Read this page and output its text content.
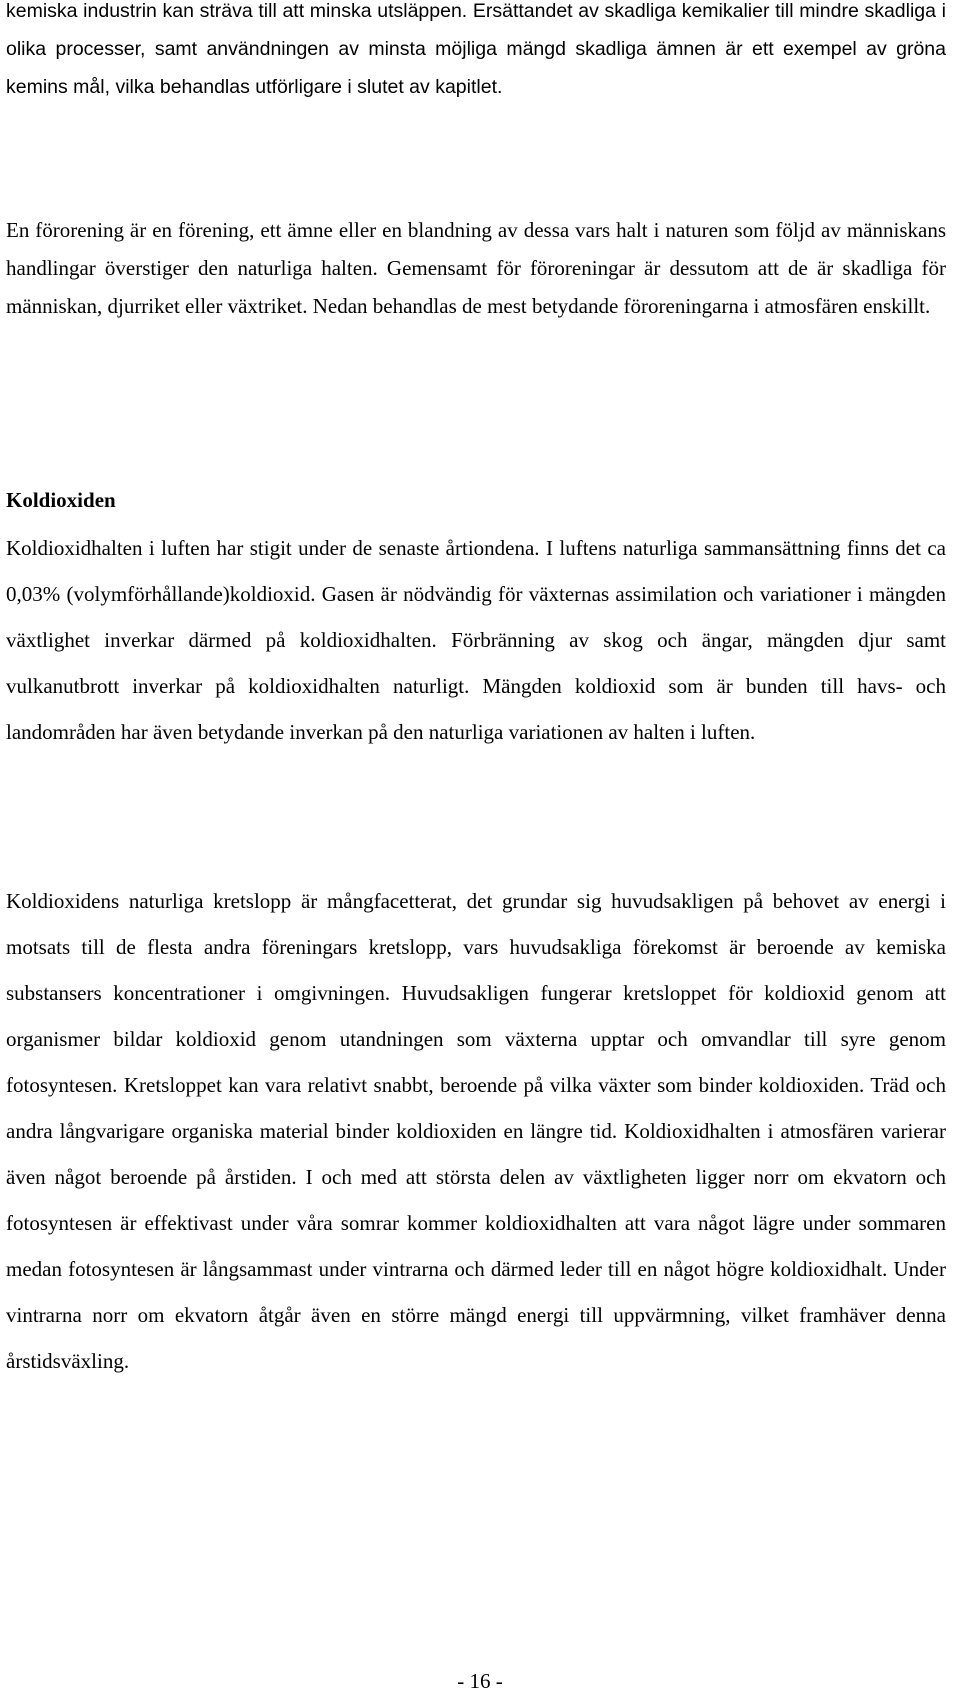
kemiska industrin kan sträva till att minska utsläppen. Ersättandet av skadliga kemikalier till mindre skadliga i olika processer, samt användningen av minsta möjliga mängd skadliga ämnen är ett exempel av gröna kemins mål, vilka behandlas utförligare i slutet av kapitlet.

En förorening är en förening, ett ämne eller en blandning av dessa vars halt i naturen som följd av människans handlingar överstiger den naturliga halten. Gemensamt för föroreningar är dessutom att de är skadliga för människan, djurriket eller växtriket. Nedan behandlas de mest betydande föroreningarna i atmosfären enskillt.

Koldioxiden

Koldioxidhalten i luften har stigit under de senaste årtiondena. I luftens naturliga sammansättning finns det ca 0,03% (volymförhållande)koldioxid. Gasen är nödvändig för växternas assimilation och variationer i mängden växtlighet inverkar därmed på koldioxidhalten. Förbränning av skog och ängar, mängden djur samt vulkanutbrott inverkar på koldioxidhalten naturligt. Mängden koldioxid som är bunden till havs- och landområden har även betydande inverkan på den naturliga variationen av halten i luften.

Koldioxidens naturliga kretslopp är mångfacetterat, det grundar sig huvudsakligen på behovet av energi i motsats till de flesta andra föreningars kretslopp, vars huvudsakliga förekomst är beroende av kemiska substansers koncentrationer i omgivningen. Huvudsakligen fungerar kretsloppet för koldioxid genom att organismer bildar koldioxid genom utandningen som växterna upptar och omvandlar till syre genom fotosyntesen. Kretsloppet kan vara relativt snabbt, beroende på vilka växter som binder koldioxiden. Träd och andra långvarigare organiska material binder koldioxiden en längre tid. Koldioxidhalten i atmosfären varierar även något beroende på årstiden. I och med att största delen av växtligheten ligger norr om ekvatorn och fotosyntesen är effektivast under våra somrar kommer koldioxidhalten att vara något lägre under sommaren medan fotosyntesen är långsammast under vintrarna och därmed leder till en något högre koldioxidhalt. Under vintrarna norr om ekvatorn åtgår även en större mängd energi till uppvärmning, vilket framhäver denna årstidsväxling.

- 16 -
